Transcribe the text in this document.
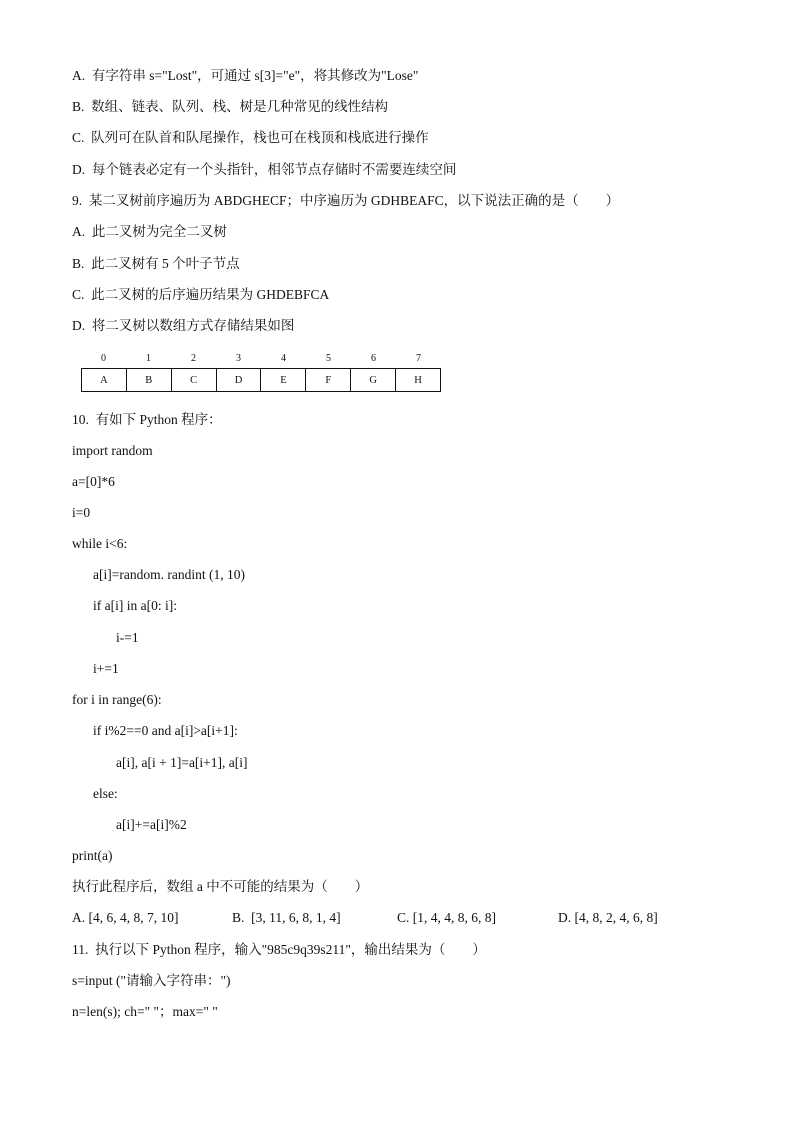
A.  有字符串 s="Lost"，可通过 s[3]="e"，将其修改为"Lose"
B.  数组、链表、队列、栈、树是几种常见的线性结构
C.  队列可在队首和队尾操作，栈也可在栈顶和栈底进行操作
D.  每个链表必定有一个头指针，相邻节点存储时不需要连续空间
9.  某二叉树前序遍历为 ABDGHECF；中序遍历为 GDHBEAFC，以下说法正确的是（        ）
A.  此二叉树为完全二叉树
B.  此二叉树有 5 个叶子节点
C.  此二叉树的后序遍历结果为 GHDEBFCA
D.  将二叉树以数组方式存储结果如图
0	1	2	3	4	5	6	7
A	B	C	D	E	F	G	H
10.  有如下 Python 程序：
import random
a=[0]*6
i=0
while i<6:
a[i]=random. randint (1, 10)
if a[i] in a[0: i]:
i-=1
i+=1
for i in range(6):
if i%2==0 and a[i]>a[i+1]:
a[i], a[i + 1]=a[i+1], a[i]
else:
a[i]+=a[i]%2
print(a)
执行此程序后，数组 a 中不可能的结果为（        ）
A. [4, 6, 4, 8, 7, 10]	B.  [3, 11, 6, 8, 1, 4]	C. [1, 4, 4, 8, 6, 8]	D. [4, 8, 2, 4, 6, 8]
11.  执行以下 Python 程序，输入"985c9q39s211"，输出结果为（        ）
s=input ("请输入字符串：")
n=len(s); ch=" "；max=" "
